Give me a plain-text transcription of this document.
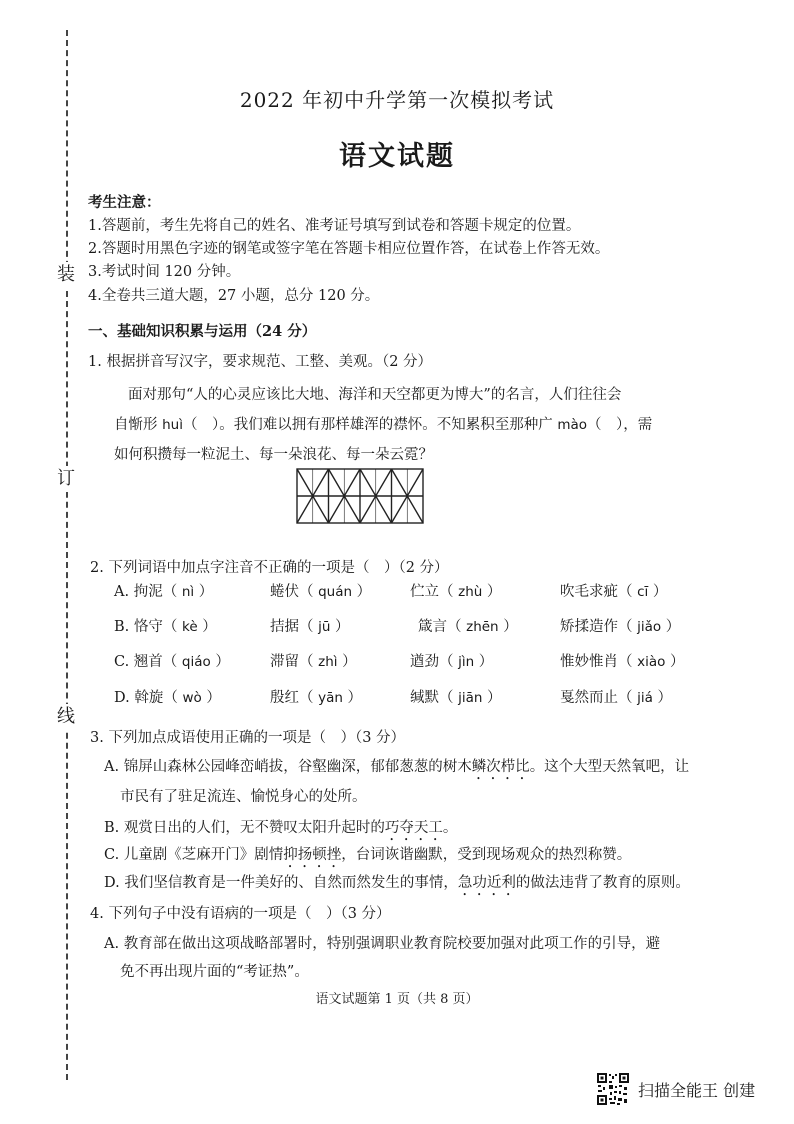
装
订
线
2022 年初中升学第一次模拟考试
语文试题
考生注意：
1.答题前，考生先将自己的姓名、准考证号填写到试卷和答题卡规定的位置。
2.答题时用黑色字迹的钢笔或签字笔在答题卡相应位置作答，在试卷上作答无效。
3.考试时间 120 分钟。
4.全卷共三道大题，27 小题，总分 120 分。
一、基础知识积累与运用（24 分）
1. 根据拼音写汉字，要求规范、工整、美观。（2 分）
面对那句“人的心灵应该比大地、海洋和天空都更为博大”的名言，人们往往会
自惭形 huì（　）。我们难以拥有那样雄浑的襟怀。不知累积至那种广 mào（　），需
如何积攒每一粒泥土、每一朵浪花、每一朵云霓？
2. 下列词语中加点字注音不正确的一项是（　）（2 分）
A. 拘泥（ nì ）	蜷伏（ quán ）	伫立（ zhù ）	吹毛求疵（ cī ）
B. 恪守（ kè ）	拮据（ jū ）	箴言（ zhēn ）	矫揉造作（ jiǎo ）
C. 翘首（ qiáo ）	滞留（ zhì ）	遒劲（ jìn ）	惟妙惟肖（ xiào ）
D. 斡旋（ wò ）	殷红（ yān ）	缄默（ jiān ）	戛然而止（ jiá ）
3. 下列加点成语使用正确的一项是（　）（3 分）
A. 锦屏山森林公园峰峦峭拔，谷壑幽深，郁郁葱葱的树木鳞次栉比。这个大型天然氧吧，让
市民有了驻足流连、愉悦身心的处所。
B. 观赏日出的人们，无不赞叹太阳升起时的巧夺天工。
C. 儿童剧《芝麻开门》剧情抑扬顿挫，台词诙谐幽默，受到现场观众的热烈称赞。
D. 我们坚信教育是一件美好的、自然而然发生的事情，急功近利的做法违背了教育的原则。
4. 下列句子中没有语病的一项是（　）（3 分）
A. 教育部在做出这项战略部署时，特别强调职业教育院校要加强对此项工作的引导，避
免不再出现片面的“考证热”。
语文试题第 1 页（共 8 页）
扫描全能王 创建
